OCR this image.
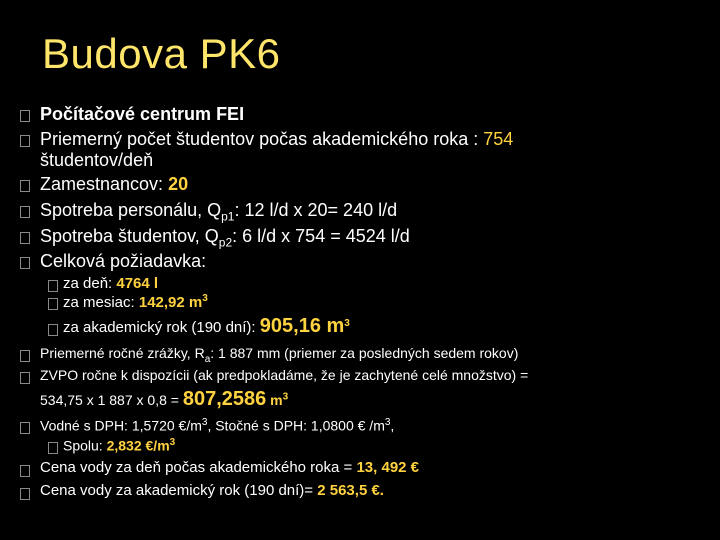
Budova PK6
Počítačové centrum FEI
Priemerný počet študentov počas akademického roka : 754
študentov/deň
Zamestnancov: 20
Spotreba personálu, $Q_{p1}$: 12 l/d x 20= 240 l/d
Spotreba študentov, $Q_{p2}$: 6 l/d x 754 = 4524 l/d
Celková požiadavka:
za deň: 4764 l
za mesiac: 142,92 $m^3$
za akademický rok (190 dní): 905,16 $m^3$
Priemerné ročné zrážky, $R_a$: 1 887 mm (priemer za posledných sedem rokov)
ZVPO ročne k dispozícii (ak predpokladáme, že je zachytené celé množstvo) =
534,75 x 1 887 x 0,8 = 807,2586 $m^3$
Vodné s DPH: 1,5720 $€/m^3$, Stočné s DPH: 1,0800 € $/m^3$,
Spolu: 2,832 $€/m^3$
Cena vody za deň počas akademického roka = 13, 492 €
Cena vody za akademický rok (190 dní)= 2 563,5 €.
